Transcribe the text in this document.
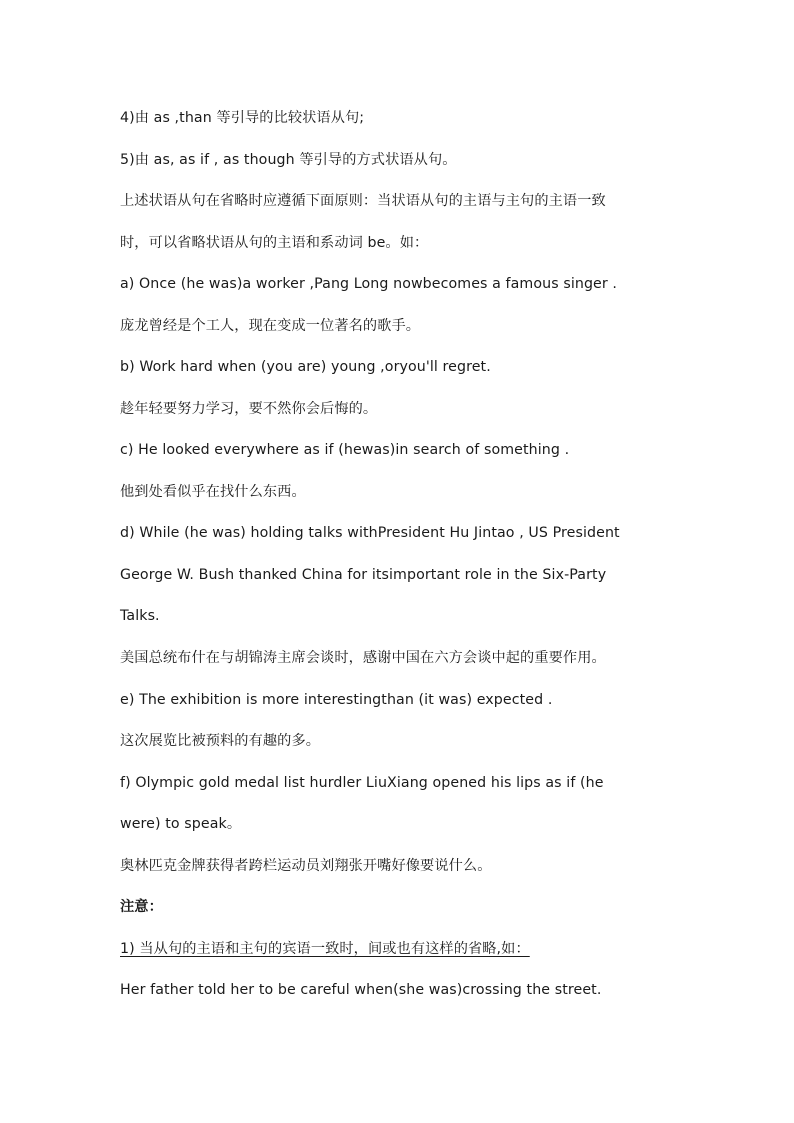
4)由 as ,than 等引导的比较状语从句;
5)由 as, as if , as though 等引导的方式状语从句。
上述状语从句在省略时应遵循下面原则：当状语从句的主语与主句的主语一致
时，可以省略状语从句的主语和系动词 be。如：
a) Once (he was)a worker ,Pang Long nowbecomes a famous singer .
庞龙曾经是个工人，现在变成一位著名的歌手。
b) Work hard when (you are) young ,oryou'll regret.
趁年轻要努力学习，要不然你会后悔的。
c) He looked everywhere as if (hewas)in search of something .
他到处看似乎在找什么东西。
d) While (he was) holding talks withPresident Hu Jintao , US President
George W. Bush thanked China for itsimportant role in the Six-Party
Talks.
美国总统布什在与胡锦涛主席会谈时，感谢中国在六方会谈中起的重要作用。
e) The exhibition is more interestingthan (it was) expected .
这次展览比被预料的有趣的多。
f) Olympic gold medal list hurdler LiuXiang opened his lips as if (he
were) to speak。
奥林匹克金牌获得者跨栏运动员刘翔张开嘴好像要说什么。
注意：
1) 当从句的主语和主句的宾语一致时，间或也有这样的省略,如：
Her father told her to be careful when(she was)crossing the street.
